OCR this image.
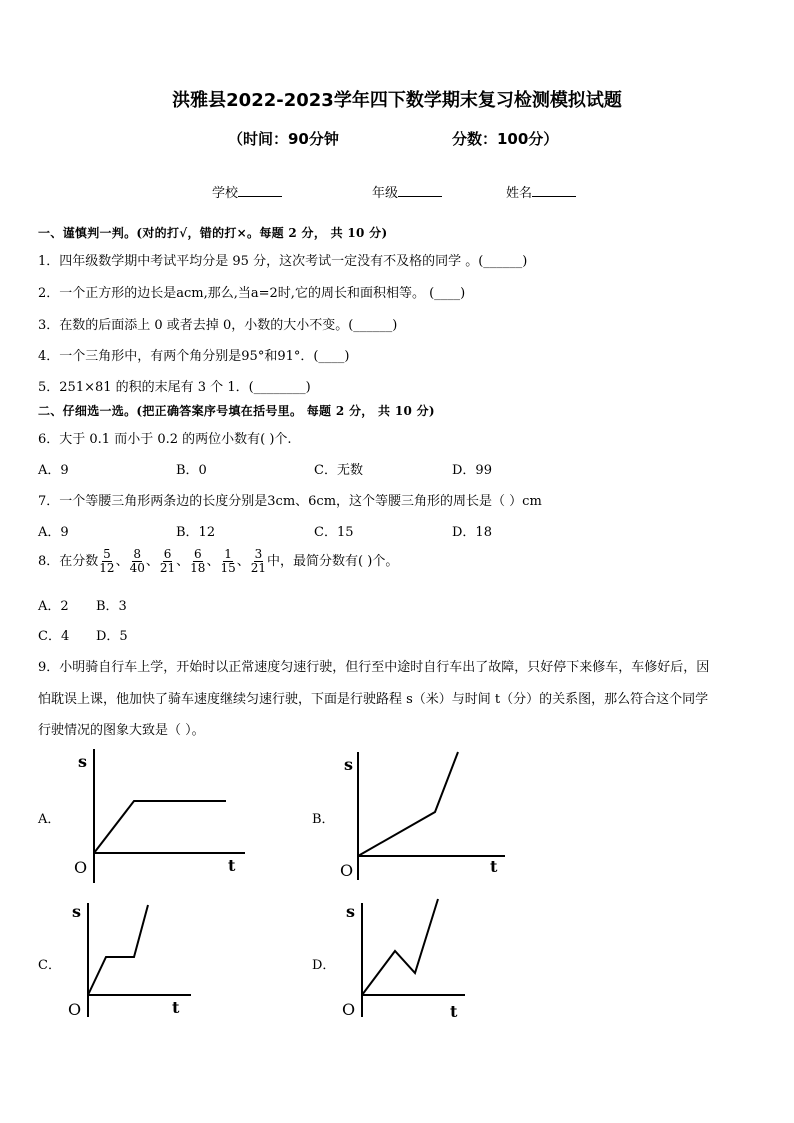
洪雅县2022-2023学年四下数学期末复习检测模拟试题
（时间：90分钟	分数：100分）
学校	年级	姓名
一、谨慎判一判。(对的打√，错的打×。每题 2 分， 共 10 分)
1．四年级数学期中考试平均分是 95 分，这次考试一定没有不及格的同学 。(______)
2．一个正方形的边长是acm,那么,当a=2时,它的周长和面积相等。 (____)
3．在数的后面添上 0 或者去掉 0，小数的大小不变。(______)
4．一个三角形中，有两个角分别是95°和91°．(____)
5．251×81 的积的末尾有 3 个 1．(________)
二、仔细选一选。(把正确答案序号填在括号里。 每题 2 分， 共 10 分)
6．大于 0.1 而小于 0.2 的两位小数有( )个.
A．9	B．0	C．无数	D．99
7．一个等腰三角形两条边的长度分别是3cm、6cm，这个等腰三角形的周长是（ ）cm
A．9	B．12	C．15	D．18
8．在分数 $\frac{5}{12}$ 、 $\frac{8}{40}$ 、 $\frac{6}{21}$ 、 $\frac{6}{18}$ 、 $\frac{1}{15}$ 、 $\frac{3}{21}$ 中，最简分数有( )个。
A．2 B．3
C．4 D．5
9．小明骑自行车上学，开始时以正常速度匀速行驶，但行至中途时自行车出了故障，只好停下来修车，车修好后，因
怕耽误上课，他加快了骑车速度继续匀速行驶，下面是行驶路程 s（米）与时间 t（分）的关系图，那么符合这个同学
行驶情况的图象大致是（ ）。
A．
s
t
O
B．
s
t
O
C．
s
t
O
D．
s
t
O
